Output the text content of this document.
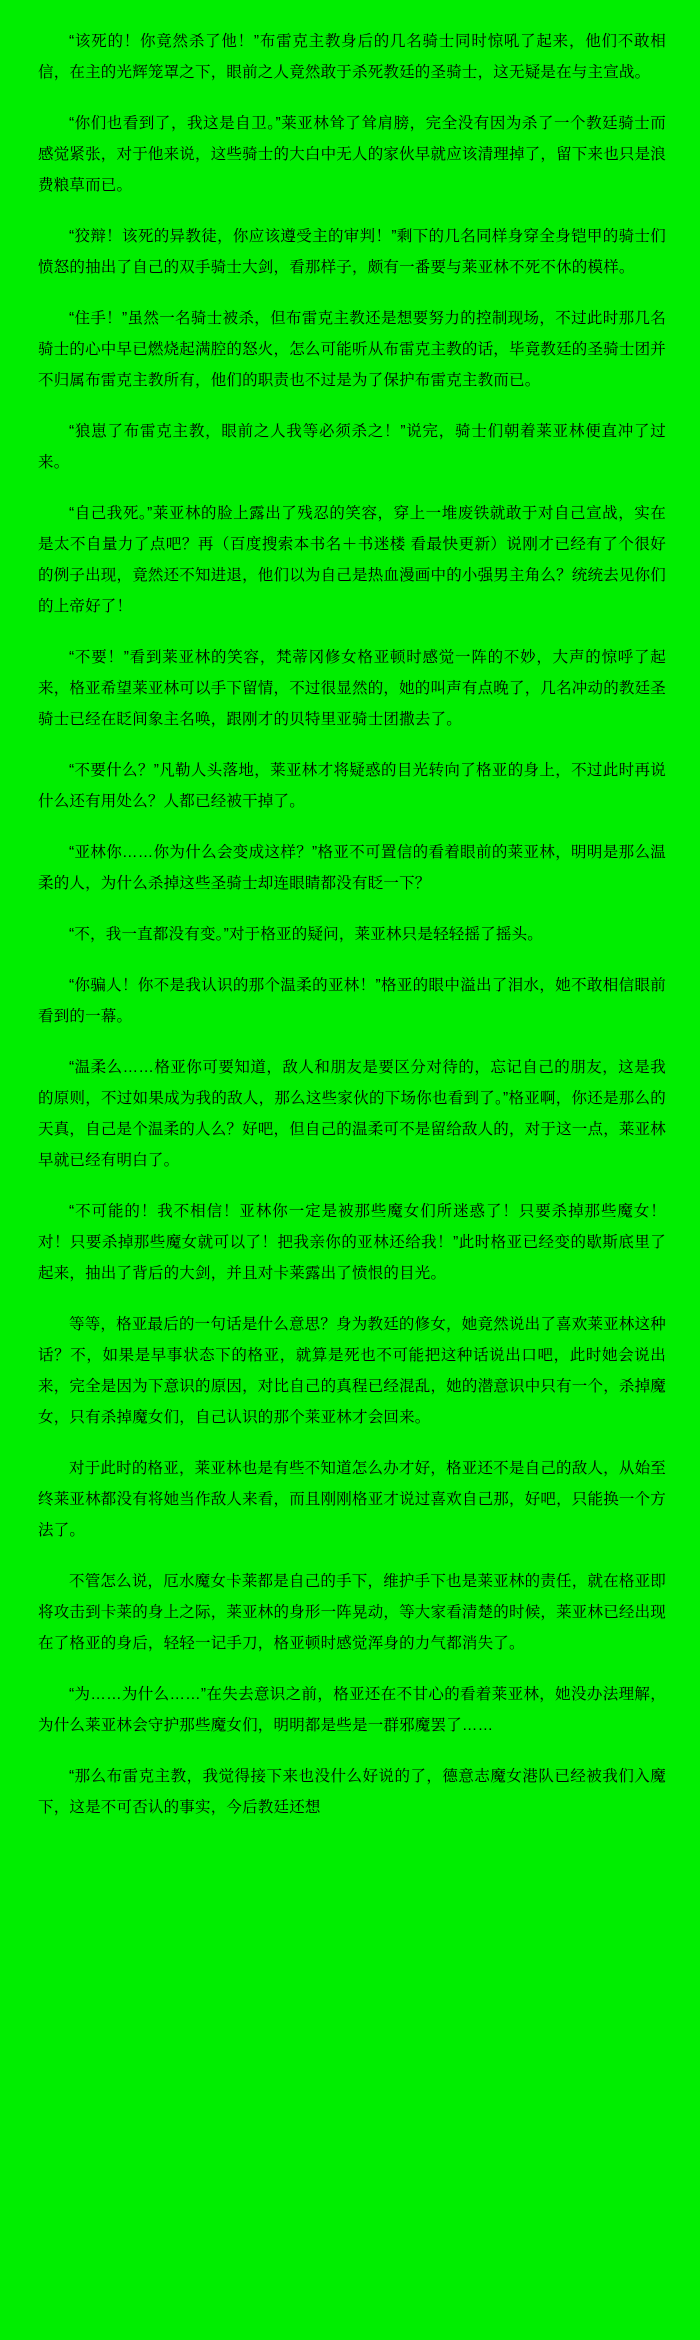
“该死的！你竟然杀了他！”布雷克主教身后的几名骑士同时惊吼了起来，他们不敢相信，在主的光辉笼罩之下，眼前之人竟然敢于杀死教廷的圣骑士，这无疑是在与主宣战。

“你们也看到了，我这是自卫。”莱亚林耸了耸肩膀，完全没有因为杀了一个教廷骑士而感觉紧张，对于他来说，这些骑士的大白中无人的家伙早就应该清理掉了，留下来也只是浪费粮草而已。

“狡辩！该死的异教徒，你应该遵受主的审判！”剩下的几名同样身穿全身铠甲的骑士们愤怒的抽出了自己的双手骑士大剑，看那样子，颇有一番要与莱亚林不死不休的模样。

“住手！”虽然一名骑士被杀，但布雷克主教还是想要努力的控制现场，不过此时那几名骑士的心中早已燃烧起满腔的怒火，怎么可能听从布雷克主教的话，毕竟教廷的圣骑士团并不归属布雷克主教所有，他们的职责也不过是为了保护布雷克主教而已。

“狼崽了布雷克主教，眼前之人我等必须杀之！”说完，骑士们朝着莱亚林便直冲了过来。

“自己我死。”莱亚林的脸上露出了残忍的笑容，穿上一堆废铁就敢于对自己宣战，实在是太不自量力了点吧？再（百度搜索本书名＋书迷楼 看最快更新）说刚才已经有了个很好的例子出现，竟然还不知进退，他们以为自己是热血漫画中的小强男主角么？统统去见你们的上帝好了！

“不要！”看到莱亚林的笑容，梵蒂冈修女格亚顿时感觉一阵的不妙，大声的惊呼了起来，格亚希望莱亚林可以手下留情，不过很显然的，她的叫声有点晚了，几名冲动的教廷圣骑士已经在眨间象主名唤，跟刚才的贝特里亚骑士团撒去了。

“不要什么？”凡勒人头落地，莱亚林才将疑惑的目光转向了格亚的身上，不过此时再说什么还有用处么？人都已经被干掉了。

“亚林你……你为什么会变成这样？”格亚不可置信的看着眼前的莱亚林，明明是那么温柔的人，为什么杀掉这些圣骑士却连眼睛都没有眨一下？

“不，我一直都没有变。”对于格亚的疑问，莱亚林只是轻轻摇了摇头。

“你骗人！你不是我认识的那个温柔的亚林！”格亚的眼中溢出了泪水，她不敢相信眼前看到的一幕。

“温柔么……格亚你可要知道，敌人和朋友是要区分对待的，忘记自己的朋友，这是我的原则，不过如果成为我的敌人，那么这些家伙的下场你也看到了。”格亚啊，你还是那么的天真，自己是个温柔的人么？好吧，但自己的温柔可不是留给敌人的，对于这一点，莱亚林早就已经有明白了。

“不可能的！我不相信！亚林你一定是被那些魔女们所迷惑了！只要杀掉那些魔女！对！只要杀掉那些魔女就可以了！把我亲你的亚林还给我！”此时格亚已经变的歇斯底里了起来，抽出了背后的大剑，并且对卡莱露出了愤恨的目光。

等等，格亚最后的一句话是什么意思？身为教廷的修女，她竟然说出了喜欢莱亚林这种话？不，如果是早事状态下的格亚，就算是死也不可能把这种话说出口吧，此时她会说出来，完全是因为下意识的原因，对比自己的真程已经混乱，她的潜意识中只有一个，杀掉魔女，只有杀掉魔女们，自己认识的那个莱亚林才会回来。

对于此时的格亚，莱亚林也是有些不知道怎么办才好，格亚还不是自己的敌人，从始至终莱亚林都没有将她当作敌人来看，而且刚刚格亚才说过喜欢自己那，好吧，只能换一个方法了。

不管怎么说，厄水魔女卡莱都是自己的手下，维护手下也是莱亚林的责任，就在格亚即将攻击到卡莱的身上之际，莱亚林的身形一阵晃动，等大家看清楚的时候，莱亚林已经出现在了格亚的身后，轻轻一记手刀，格亚顿时感觉浑身的力气都消失了。

“为……为什么……”在失去意识之前，格亚还在不甘心的看着莱亚林，她没办法理解，为什么莱亚林会守护那些魔女们，明明都是些是一群邪魔罢了……

“那么布雷克主教，我觉得接下来也没什么好说的了，德意志魔女港队已经被我们入魔下，这是不可否认的事实，今后教廷还想
